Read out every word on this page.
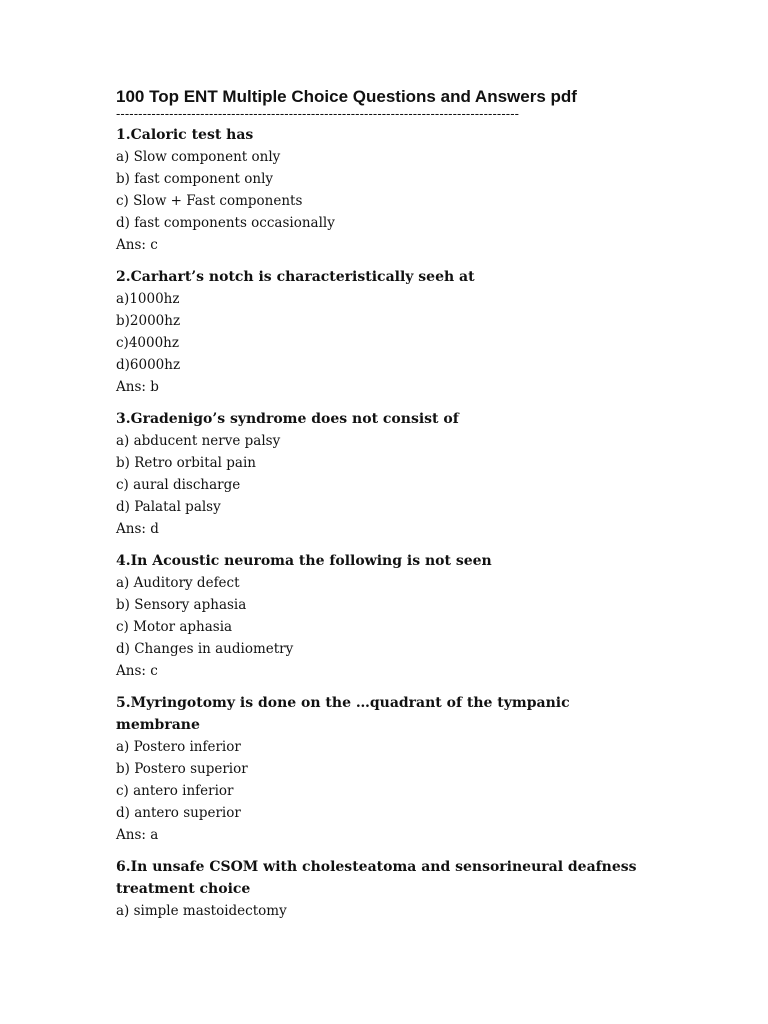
100 Top ENT Multiple Choice Questions and Answers pdf
-------------------------------------------------------------------------------------------

1.Caloric test has

a) Slow component only

b) fast component only

c) Slow + Fast components

d) fast components occasionally

Ans: c

2.Carhart’s notch is characteristically seeh at

a)1000hz

b)2000hz

c)4000hz

d)6000hz

Ans: b

3.Gradenigo’s syndrome does not consist of

a) abducent nerve palsy

b) Retro orbital pain

c) aural discharge

d) Palatal palsy

Ans: d

4.In Acoustic neuroma the following is not seen

a) Auditory defect

b) Sensory aphasia

c) Motor aphasia

d) Changes in audiometry

Ans: c

5.Myringotomy is done on the …quadrant of the tympanic membrane

a) Postero inferior

b) Postero superior

c) antero inferior

d) antero superior

Ans: a

6.In unsafe CSOM with cholesteatoma and sensorineural deafness treatment choice

a) simple mastoidectomy
